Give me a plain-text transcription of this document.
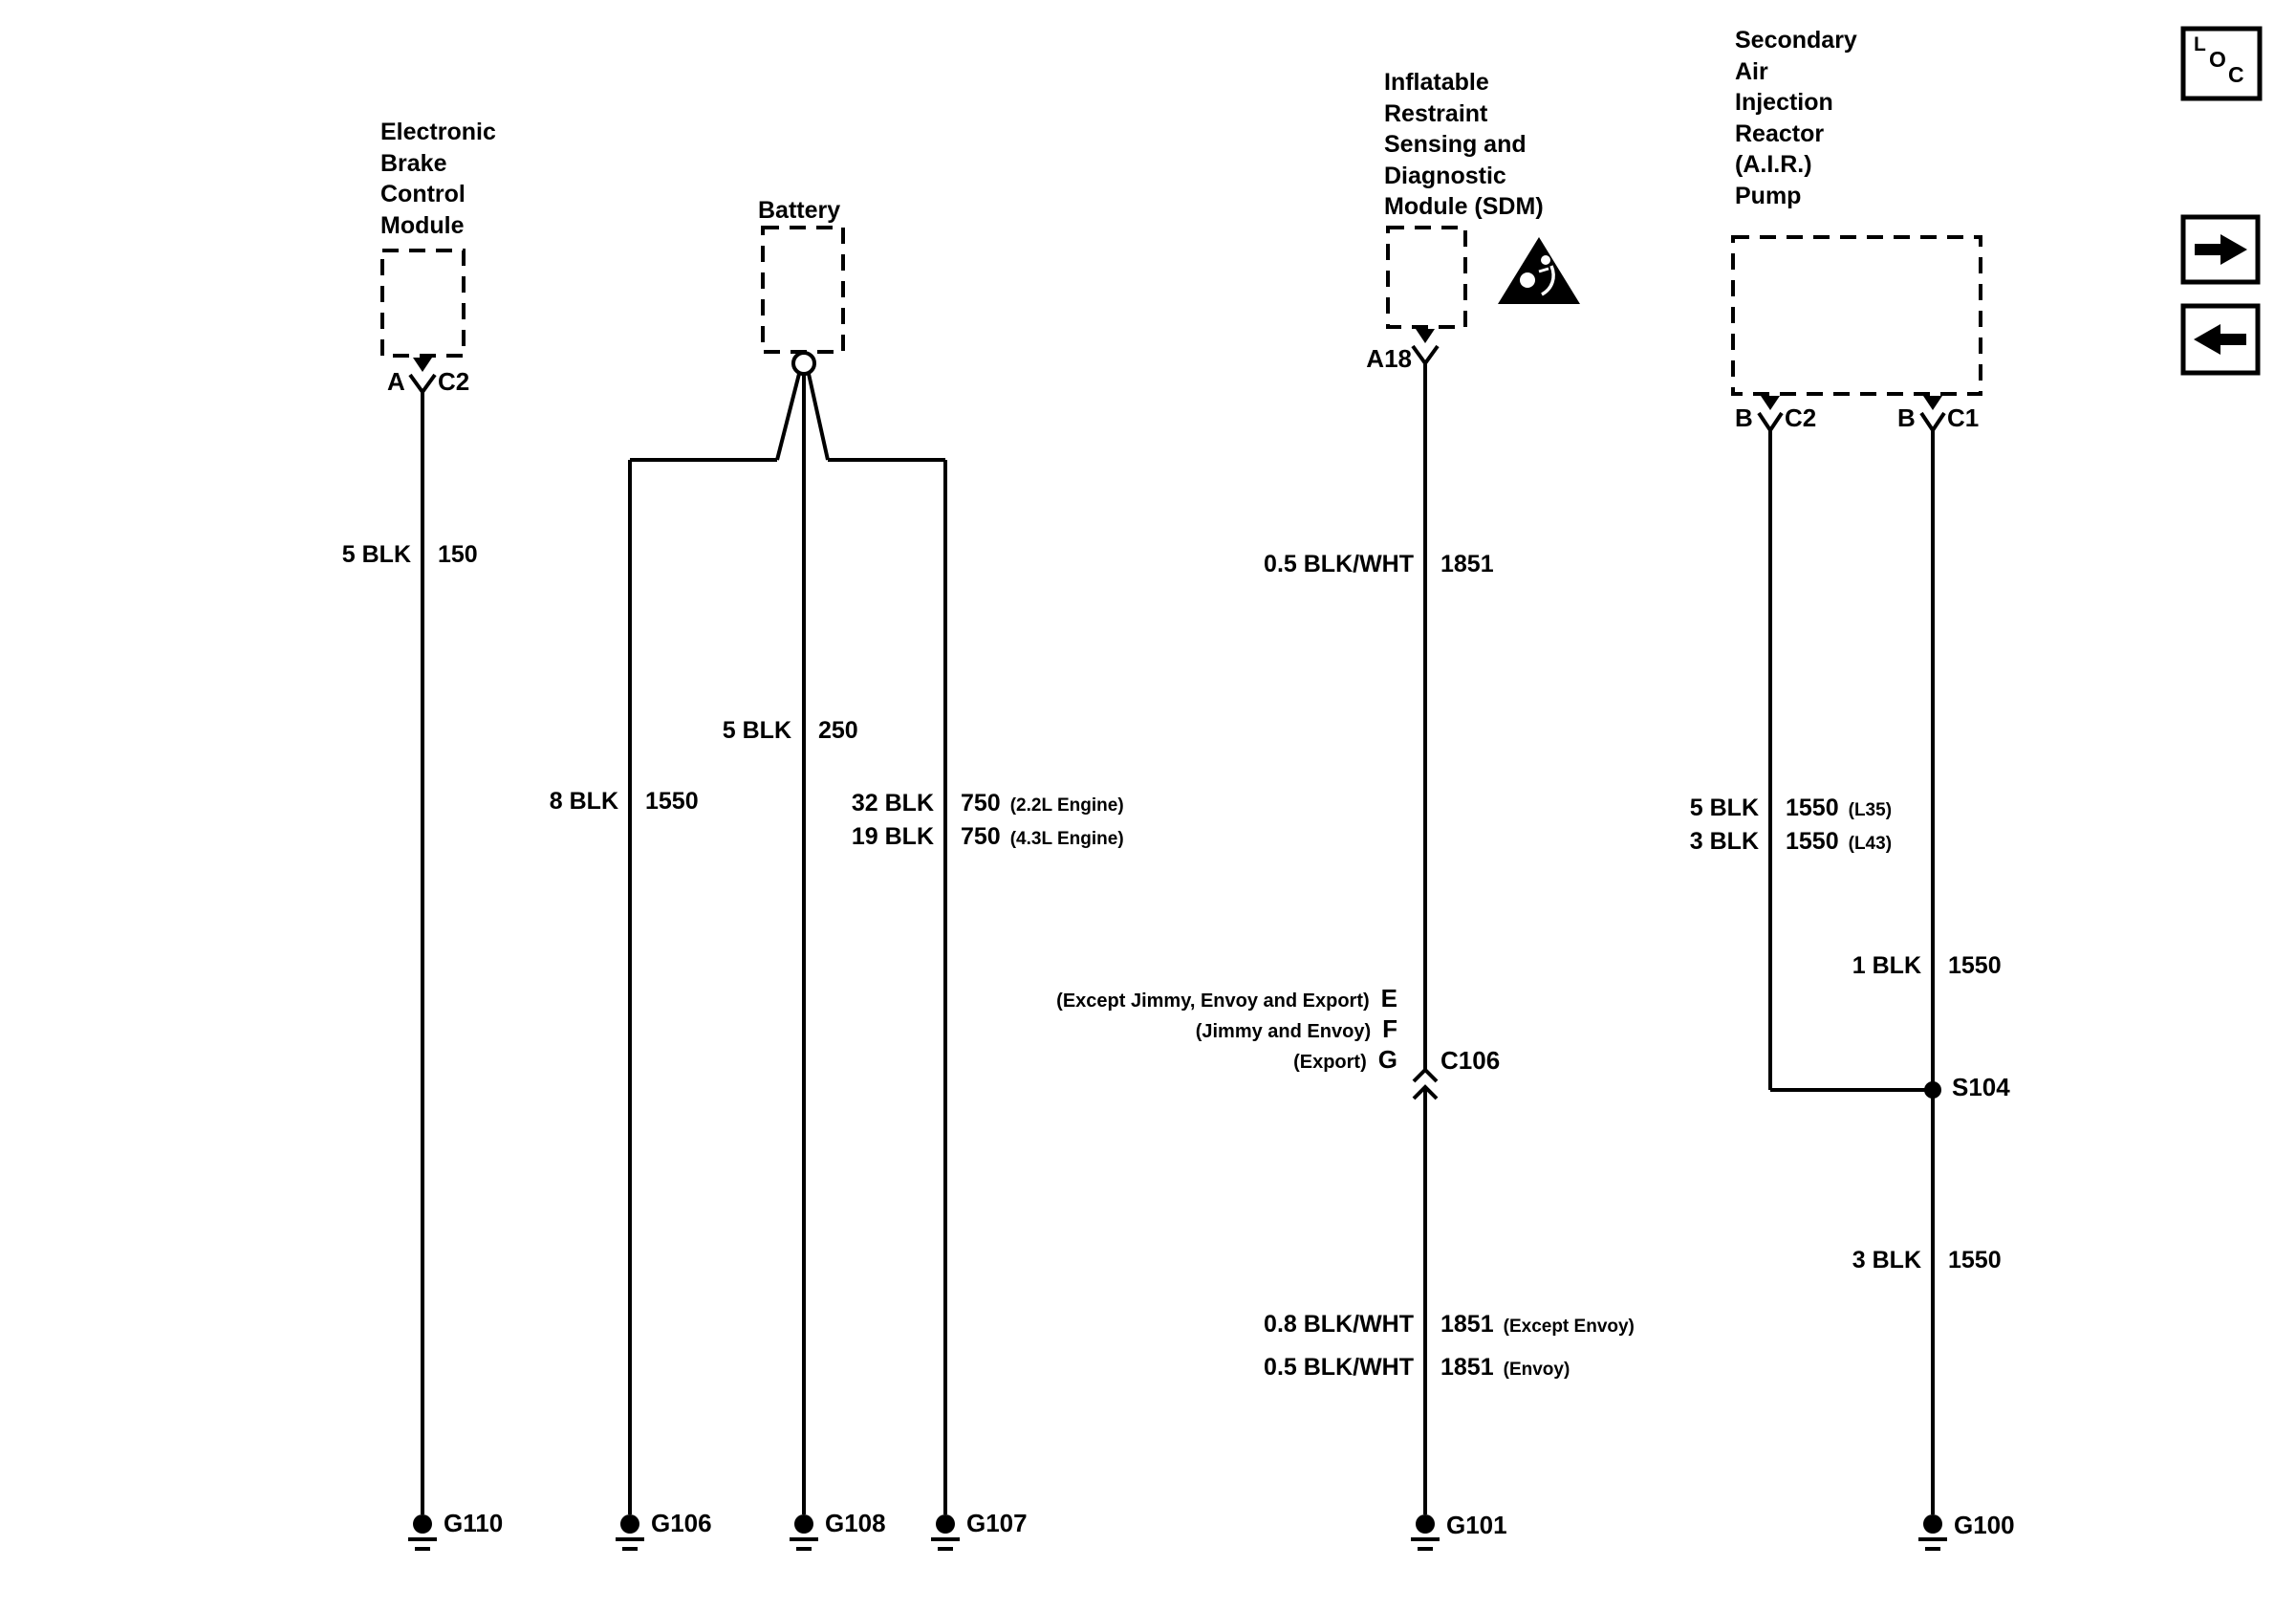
Electronic
Brake
Control
Module
Battery
Inflatable
Restraint
Sensing and
Diagnostic
Module (SDM)
Secondary
Air
Injection
Reactor
(A.I.R.)
Pump
A C2
A18
B C2	B C1
5 BLK 150
8 BLK 1550
5 BLK 250
32 BLK 750 (2.2L Engine)
19 BLK 750 (4.3L Engine)
0.5 BLK/WHT 1851
0.8 BLK/WHT 1851 (Except Envoy)
0.5 BLK/WHT 1851 (Envoy)
5 BLK 1550 (L35)
3 BLK 1550 (L43)
1 BLK 1550
3 BLK 1550
(Except Jimmy, Envoy and Export) E
(Jimmy and Envoy) F
(Export) G C106
S104
G110	G106	G108	G107	G101	G100
L
O
C
